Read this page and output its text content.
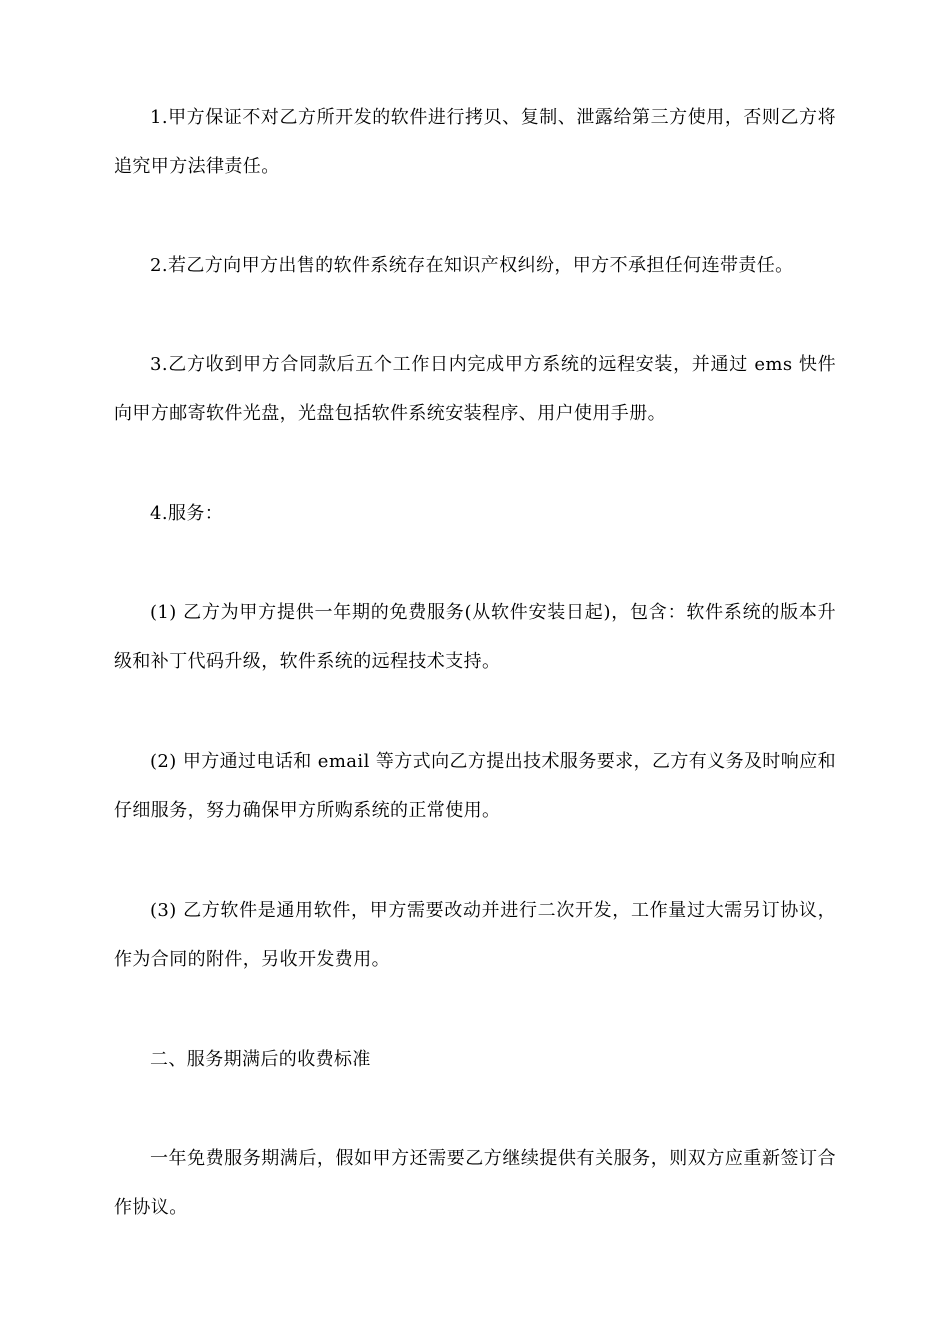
1.甲方保证不对乙方所开发的软件进行拷贝、复制、泄露给第三方使用，否则乙方将追究甲方法律责任。

2.若乙方向甲方出售的软件系统存在知识产权纠纷，甲方不承担任何连带责任。

3.乙方收到甲方合同款后五个工作日内完成甲方系统的远程安装，并通过 ems 快件向甲方邮寄软件光盘，光盘包括软件系统安装程序、用户使用手册。

4.服务：

(1) 乙方为甲方提供一年期的免费服务(从软件安装日起)，包含：软件系统的版本升级和补丁代码升级，软件系统的远程技术支持。

(2) 甲方通过电话和 email 等方式向乙方提出技术服务要求，乙方有义务及时响应和仔细服务，努力确保甲方所购系统的正常使用。

(3) 乙方软件是通用软件，甲方需要改动并进行二次开发，工作量过大需另订协议，作为合同的附件，另收开发费用。

二、服务期满后的收费标准

一年免费服务期满后，假如甲方还需要乙方继续提供有关服务，则双方应重新签订合作协议。
